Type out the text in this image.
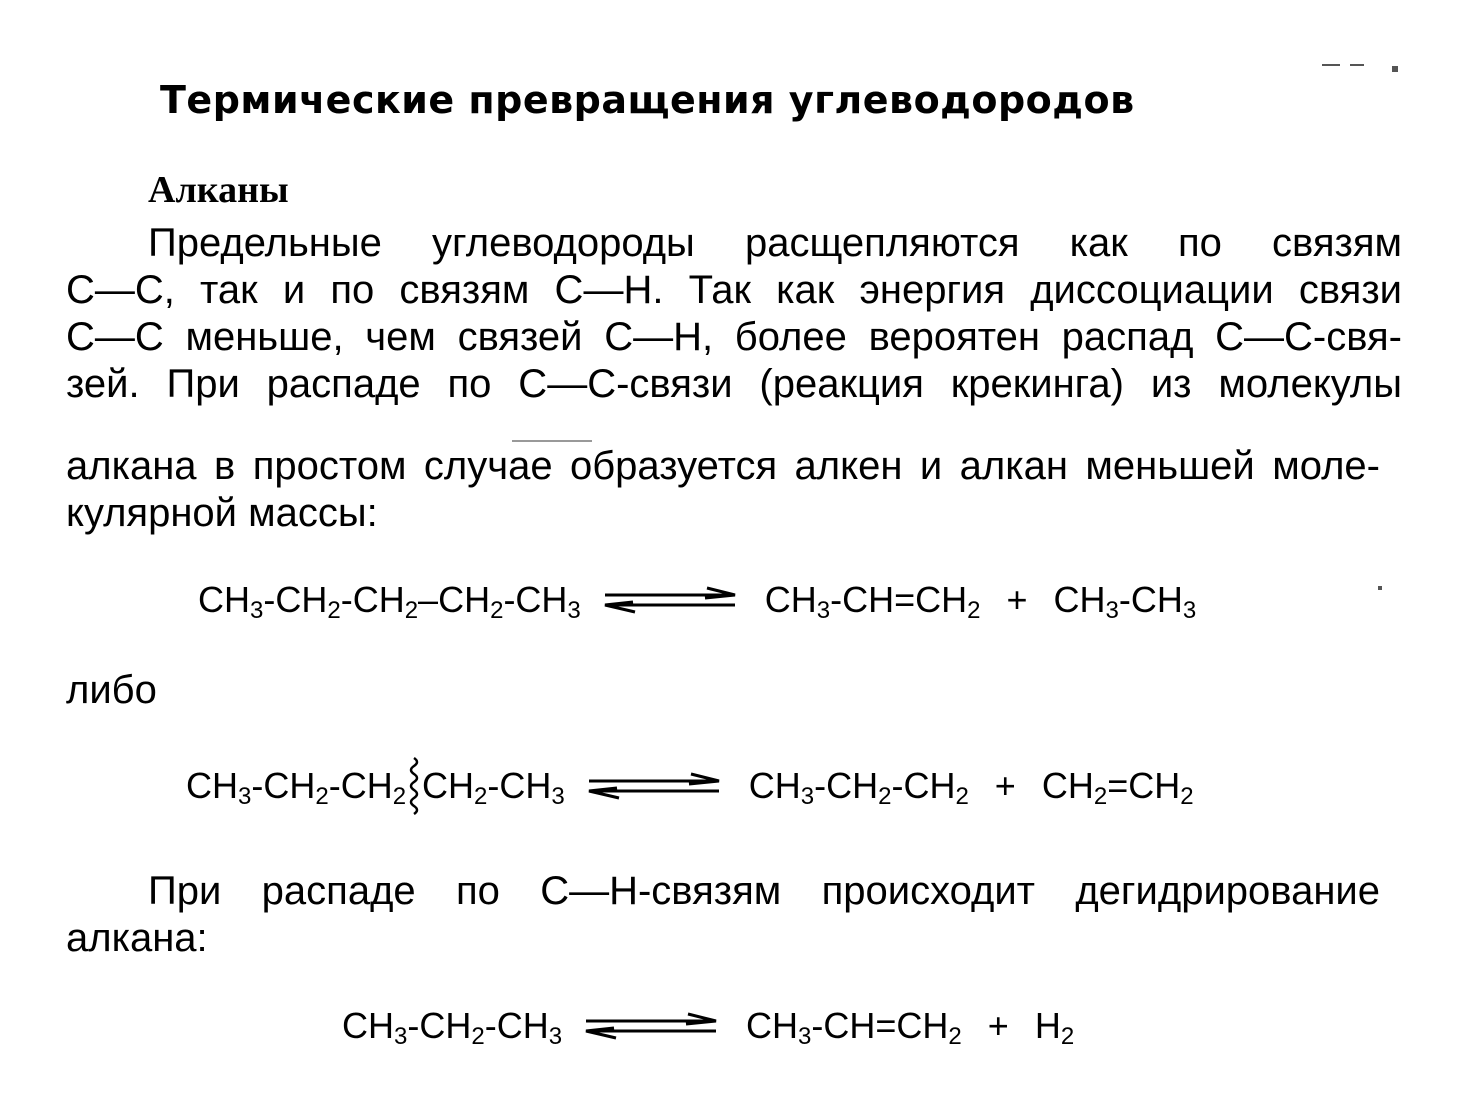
Термические превращения углеводородов
Алканы
Предельные углеводороды расщепляются как по связям
С—С, так и по связям С—Н. Так как энергия диссоциации связи
С—С меньше, чем связей С—Н, более вероятен распад С—С-свя-
зей. При распаде по С—С-связи (реакция крекинга) из молекулы
алкана в простом случае образуется алкен и алкан меньшей моле-
кулярной массы:
$CH_3-CH_2-CH_2-CH_2-CH_3$ ⇌ $CH_3-CH=CH_2 + CH_3-CH_3$
либо
$CH_3-CH_2-CH_2$ $CH_2-CH_3$ ⇌ $CH_3-CH_2-CH_2 + CH_2=CH_2$
При распаде по С—Н-связям происходит дегидрирование
алкана:
$CH_3-CH_2-CH_3$ ⇌ $CH_3-CH=CH_2 + H_2$
